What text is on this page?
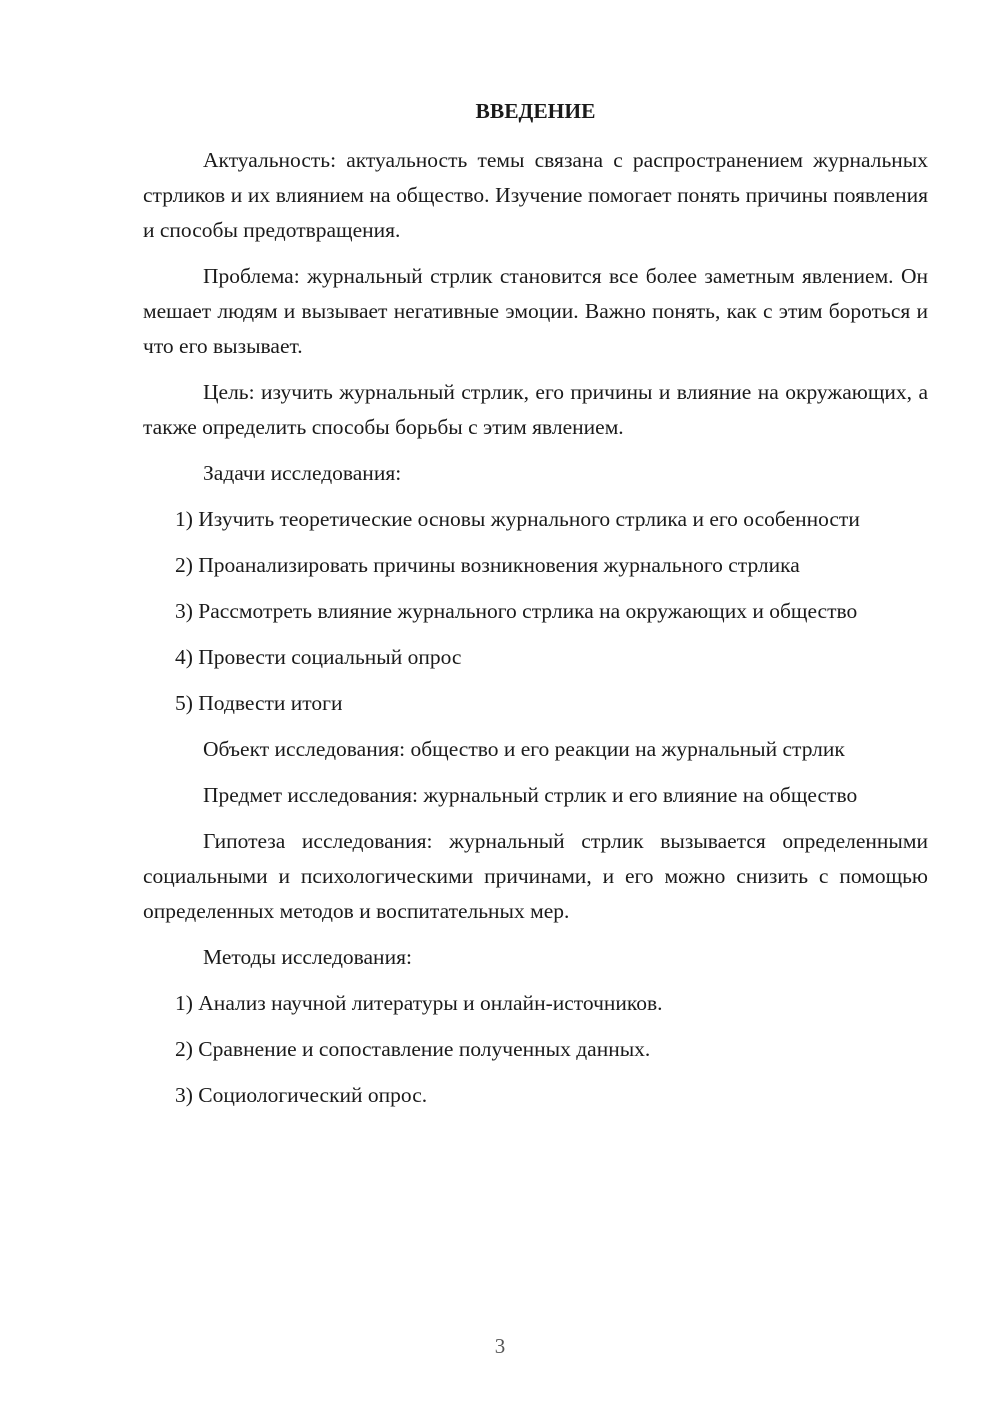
ВВЕДЕНИЕ

Актуальность: актуальность темы связана с распространением журнальных стрликов и их влиянием на общество. Изучение помогает понять причины появления и способы предотвращения.

Проблема: журнальный стрлик становится все более заметным явлением. Он мешает людям и вызывает негативные эмоции. Важно понять, как с этим бороться и что его вызывает.

Цель: изучить журнальный стрлик, его причины и влияние на окружающих, а также определить способы борьбы с этим явлением.

Задачи исследования:

1) Изучить теоретические основы журнального стрлика и его особенности

2) Проанализировать причины возникновения журнального стрлика

3) Рассмотреть влияние журнального стрлика на окружающих и общество

4) Провести социальный опрос

5) Подвести итоги

Объект исследования: общество и его реакции на журнальный стрлик

Предмет исследования: журнальный стрлик и его влияние на общество

Гипотеза исследования: журнальный стрлик вызывается определенными социальными и психологическими причинами, и его можно снизить с помощью определенных методов и воспитательных мер.

Методы исследования:

1) Анализ научной литературы и онлайн-источников.

2) Сравнение и сопоставление полученных данных.

3) Социологический опрос.

3
